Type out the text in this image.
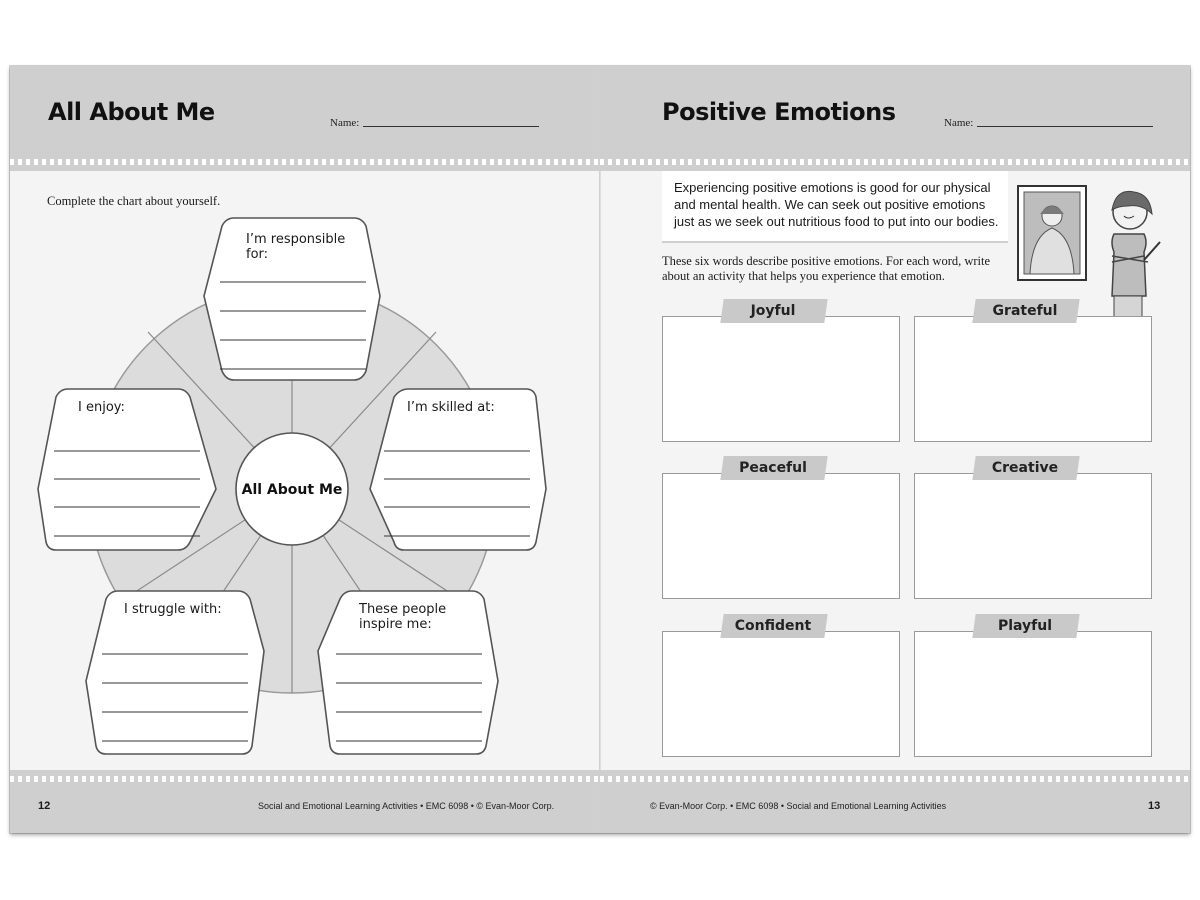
All About Me	Name:
Complete the chart about yourself.
All About Me
I’m responsible
for:
I enjoy:	I’m skilled at:
I struggle with:	These people
inspire me:
12	Social and Emotional Learning Activities • EMC 6098 • © Evan-Moor Corp.
Positive Emotions	Name:
Experiencing positive emotions is good for our physical and mental health. We can seek out positive emotions just as we seek out nutritious food to put into our bodies.
These six words describe positive emotions. For each word, write about an activity that helps you experience that emotion.
Joyful	Grateful
Peaceful	Creative
Confident	Playful
© Evan-Moor Corp. • EMC 6098 • Social and Emotional Learning Activities	13
